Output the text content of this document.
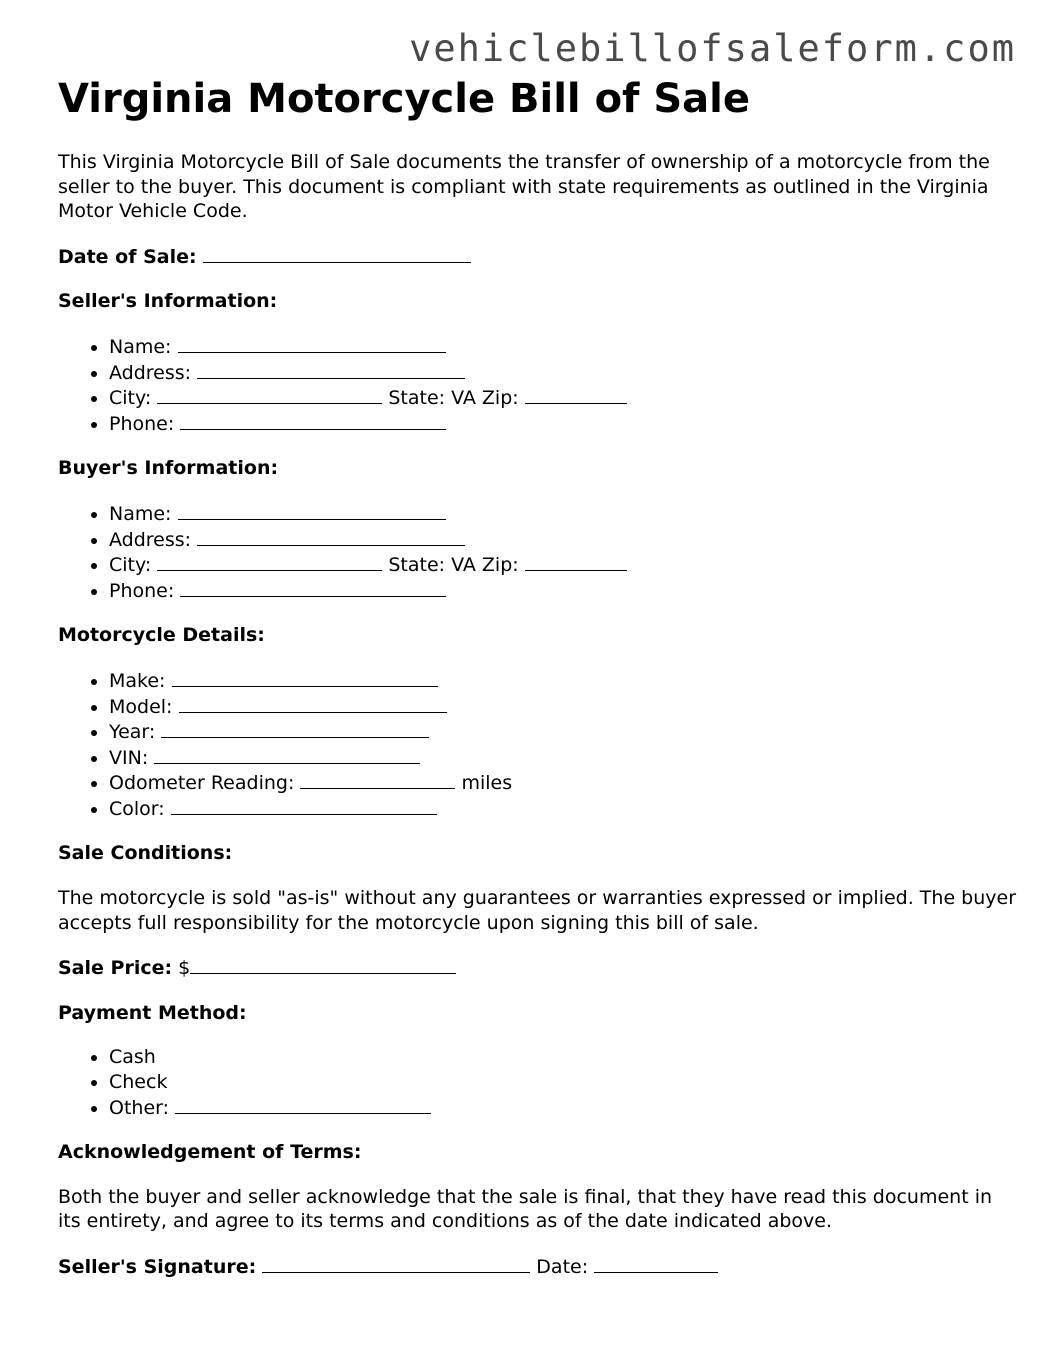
vehiclebillofsaleform.com
Virginia Motorcycle Bill of Sale

This Virginia Motorcycle Bill of Sale documents the transfer of ownership of a motorcycle from the seller to the buyer. This document is compliant with state requirements as outlined in the Virginia Motor Vehicle Code.

Date of Sale:

Seller's Information:

• Name:
• Address:
• City:	State: VA Zip:
• Phone:

Buyer's Information:

• Name:
• Address:
• City:	State: VA Zip:
• Phone:

Motorcycle Details:

• Make:
• Model:
• Year:
• VIN:
• Odometer Reading:	miles
• Color:

Sale Conditions:

The motorcycle is sold "as-is" without any guarantees or warranties expressed or implied. The buyer accepts full responsibility for the motorcycle upon signing this bill of sale.

Sale Price: $

Payment Method:

• Cash
• Check
• Other:

Acknowledgement of Terms:

Both the buyer and seller acknowledge that the sale is final, that they have read this document in its entirety, and agree to its terms and conditions as of the date indicated above.

Seller's Signature:	Date:
